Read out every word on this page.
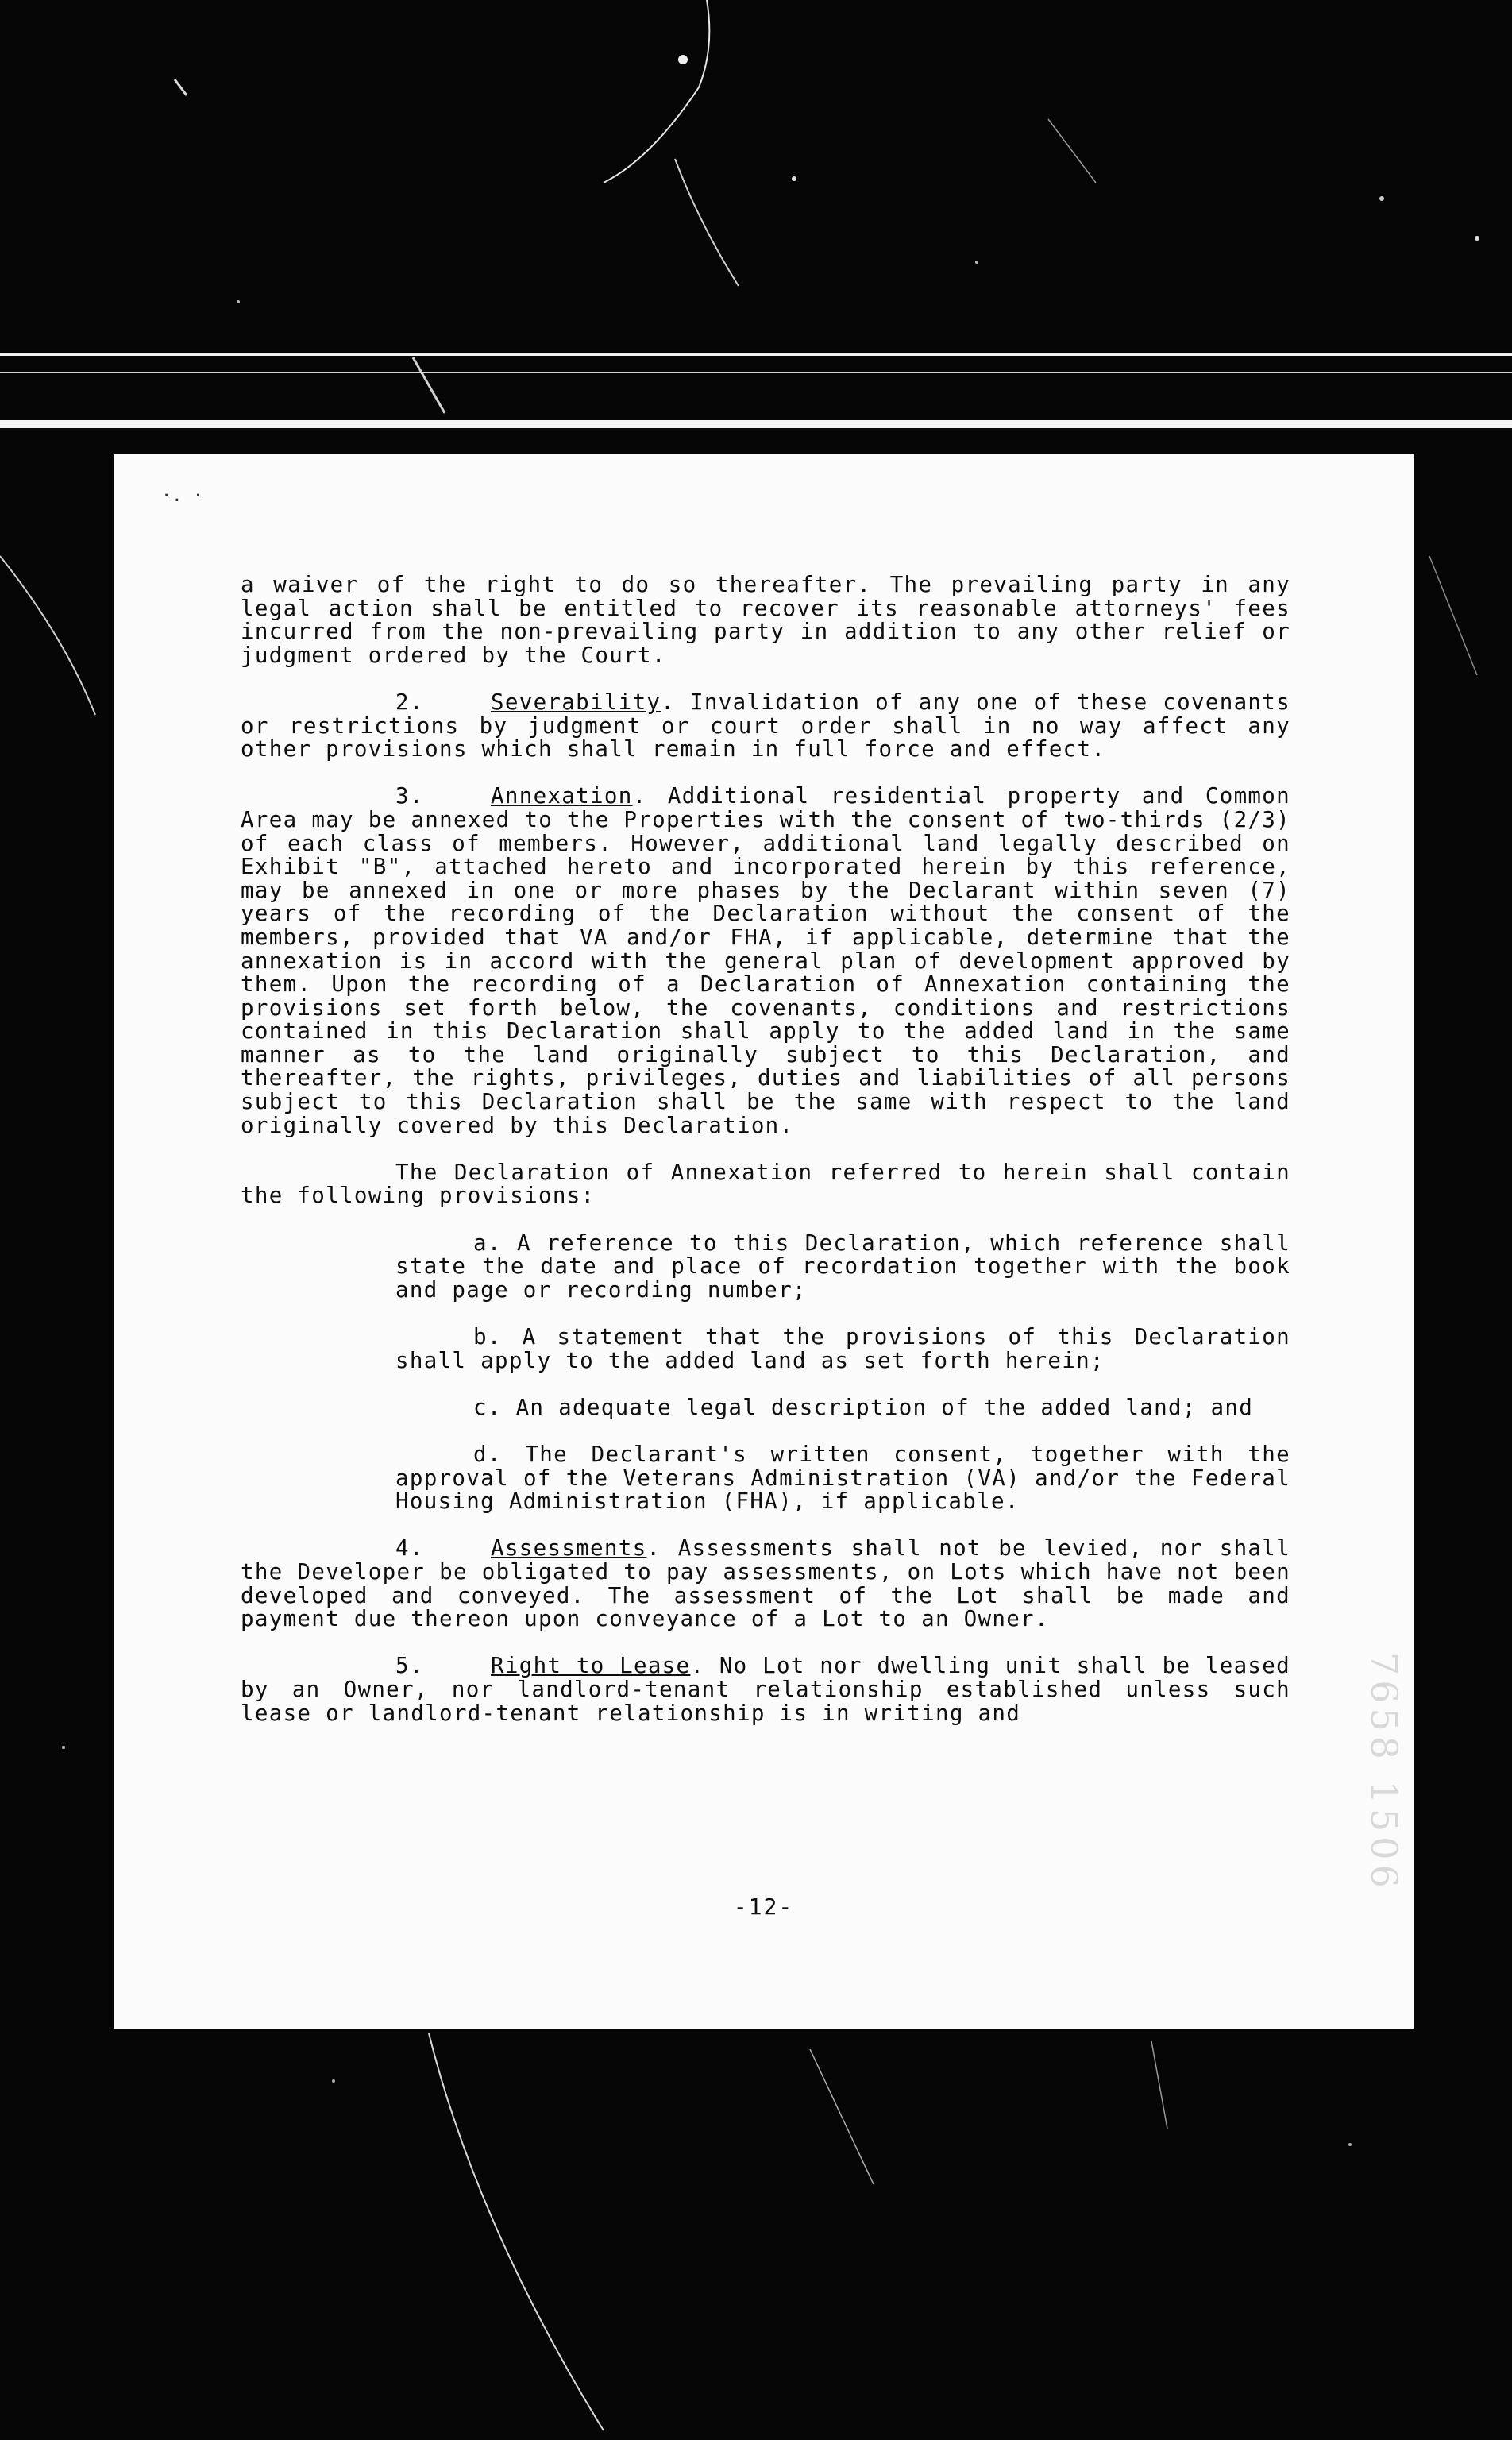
·. ·

a waiver of the right to do so thereafter. The prevailing party in any legal action shall be entitled to recover its reasonable attorneys' fees incurred from the non-prevailing party in addition to any other relief or judgment ordered by the Court.

2.	Severability. Invalidation of any one of these covenants or restrictions by judgment or court order shall in no way affect any other provisions which shall remain in full force and effect.

3.	Annexation. Additional residential property and Common Area may be annexed to the Properties with the consent of two-thirds (2/3) of each class of members. However, additional land legally described on Exhibit "B", attached hereto and incorporated herein by this reference, may be annexed in one or more phases by the Declarant within seven (7) years of the recording of the Declaration without the consent of the members, provided that VA and/or FHA, if applicable, determine that the annexation is in accord with the general plan of development approved by them. Upon the recording of a Declaration of Annexation containing the provisions set forth below, the covenants, conditions and restrictions contained in this Declaration shall apply to the added land in the same manner as to the land originally subject to this Declaration, and thereafter, the rights, privileges, duties and liabilities of all persons subject to this Declaration shall be the same with respect to the land originally covered by this Declaration.

The Declaration of Annexation referred to herein shall contain the following provisions:

a. A reference to this Declaration, which reference shall state the date and place of recordation together with the book and page or recording number;

b. A statement that the provisions of this Declaration shall apply to the added land as set forth herein;

c. An adequate legal description of the added land; and

d. The Declarant's written consent, together with the approval of the Veterans Administration (VA) and/or the Federal Housing Administration (FHA), if applicable.

4.	Assessments. Assessments shall not be levied, nor shall the Developer be obligated to pay assessments, on Lots which have not been developed and conveyed. The assessment of the Lot shall be made and payment due thereon upon conveyance of a Lot to an Owner.

5.	Right to Lease. No Lot nor dwelling unit shall be leased by an Owner, nor landlord-tenant relationship established unless such lease or landlord-tenant relationship is in writing and

-12-
7658 1506
